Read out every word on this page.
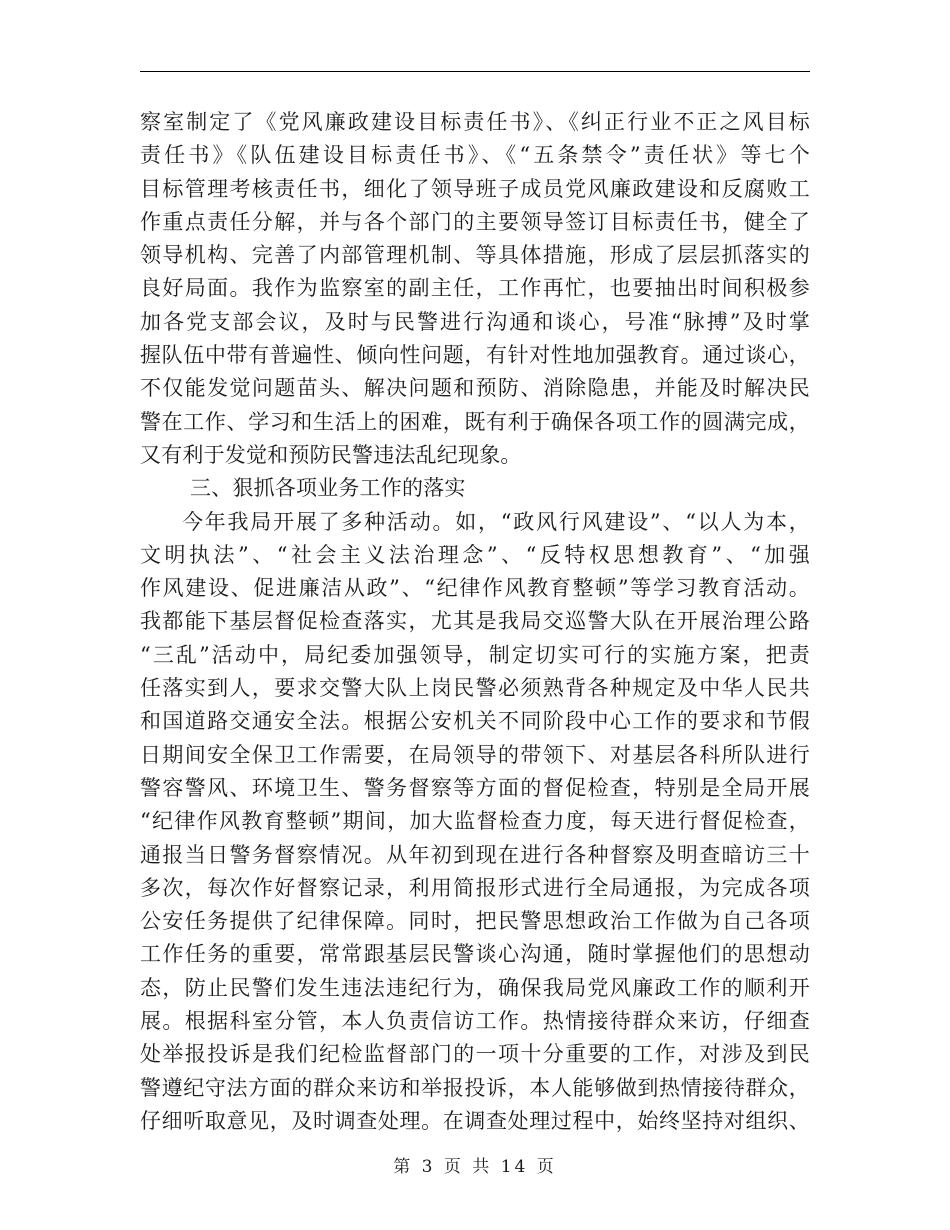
察室制定了《党风廉政建设目标责任书》、《纠正行业不正之风目标
责任书》《队伍建设目标责任书》、《“五条禁令”责任状》等七个
目标管理考核责任书，细化了领导班子成员党风廉政建设和反腐败工
作重点责任分解，并与各个部门的主要领导签订目标责任书，健全了
领导机构、完善了内部管理机制、等具体措施，形成了层层抓落实的
良好局面。我作为监察室的副主任，工作再忙，也要抽出时间积极参
加各党支部会议，及时与民警进行沟通和谈心，号准“脉搏”及时掌
握队伍中带有普遍性、倾向性问题，有针对性地加强教育。通过谈心，
不仅能发觉问题苗头、解决问题和预防、消除隐患，并能及时解决民
警在工作、学习和生活上的困难，既有利于确保各项工作的圆满完成，
又有利于发觉和预防民警违法乱纪现象。
三、狠抓各项业务工作的落实
今年我局开展了多种活动。如，“政风行风建设”、“以人为本，
文明执法”、“社会主义法治理念”、“反特权思想教育”、“加强
作风建设、促进廉洁从政”、“纪律作风教育整顿”等学习教育活动。
我都能下基层督促检查落实，尤其是我局交巡警大队在开展治理公路
“三乱”活动中，局纪委加强领导，制定切实可行的实施方案，把责
任落实到人，要求交警大队上岗民警必须熟背各种规定及中华人民共
和国道路交通安全法。根据公安机关不同阶段中心工作的要求和节假
日期间安全保卫工作需要，在局领导的带领下、对基层各科所队进行
警容警风、环境卫生、警务督察等方面的督促检查，特别是全局开展
“纪律作风教育整顿”期间，加大监督检查力度，每天进行督促检查，
通报当日警务督察情况。从年初到现在进行各种督察及明查暗访三十
多次，每次作好督察记录，利用简报形式进行全局通报，为完成各项
公安任务提供了纪律保障。同时，把民警思想政治工作做为自己各项
工作任务的重要，常常跟基层民警谈心沟通，随时掌握他们的思想动
态，防止民警们发生违法违纪行为，确保我局党风廉政工作的顺利开
展。根据科室分管，本人负责信访工作。热情接待群众来访，仔细查
处举报投诉是我们纪检监督部门的一项十分重要的工作，对涉及到民
警遵纪守法方面的群众来访和举报投诉，本人能够做到热情接待群众，
仔细听取意见，及时调查处理。在调查处理过程中，始终坚持对组织、
第 3 页 共 14 页
